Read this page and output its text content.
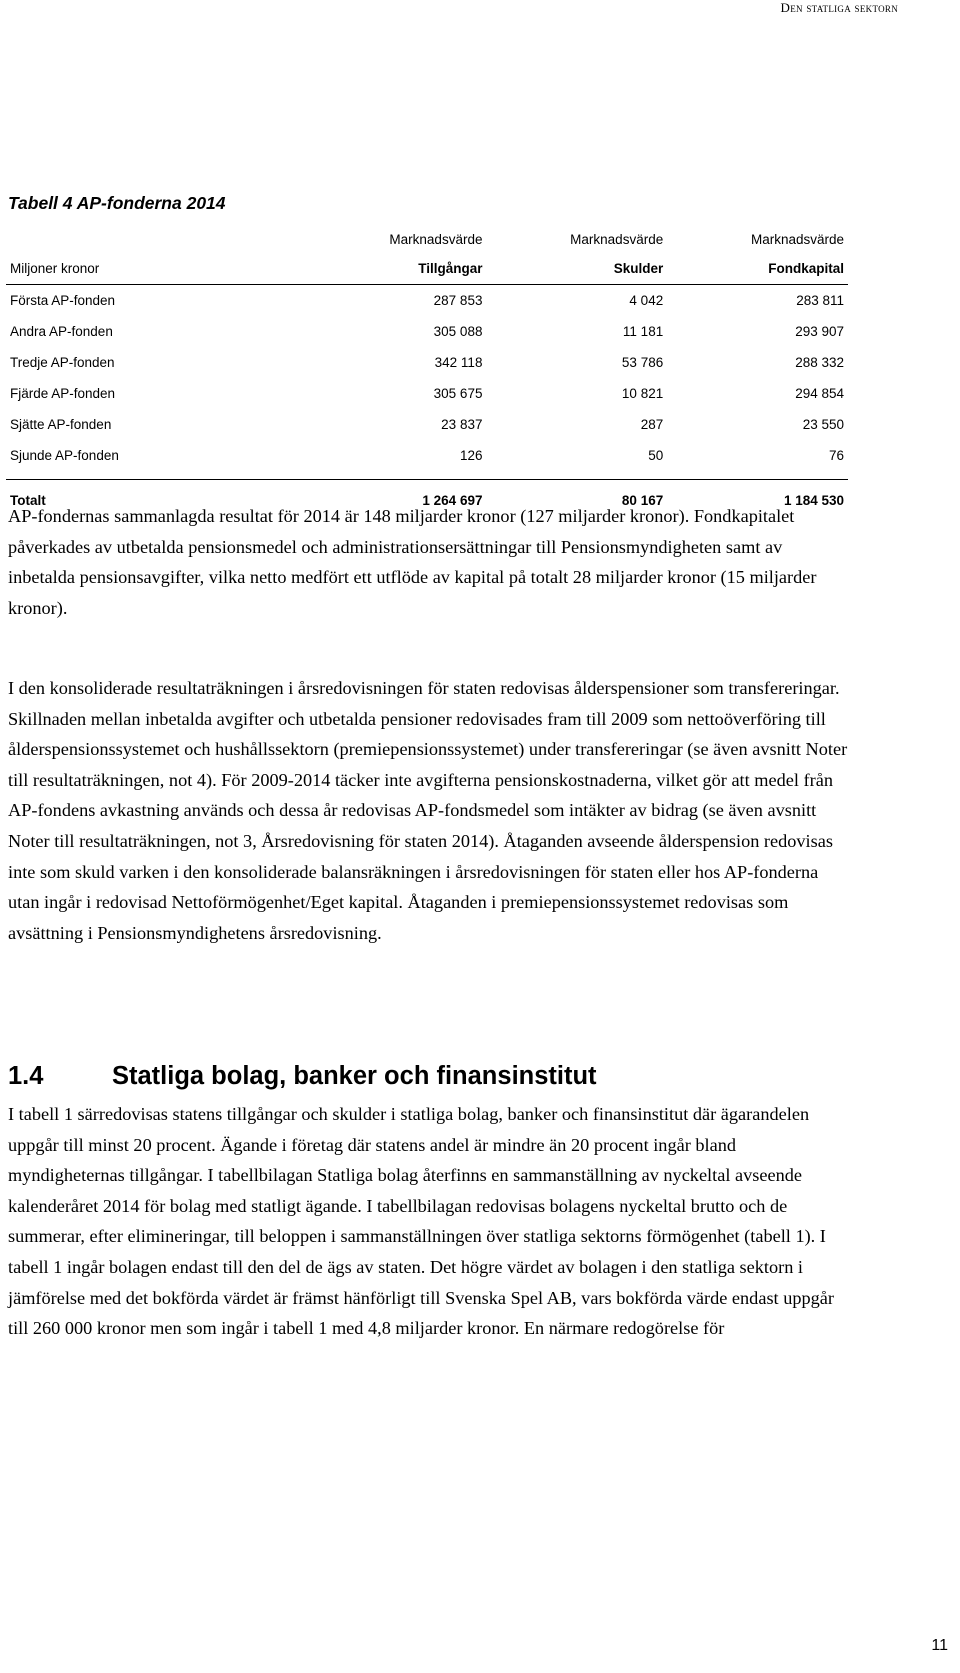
Den statliga sektorn
Tabell 4 AP-fonderna 2014
	Marknadsvärde	Marknadsvärde	Marknadsvärde
Miljoner kronor	Tillgångar	Skulder	Fondkapital
Första AP-fonden	287 853	4 042	283 811
Andra AP-fonden	305 088	11 181	293 907
Tredje AP-fonden	342 118	53 786	288 332
Fjärde AP-fonden	305 675	10 821	294 854
Sjätte AP-fonden	23 837	287	23 550
Sjunde AP-fonden	126	50	76

Totalt	1 264 697	80 167	1 184 530

AP-fondernas sammanlagda resultat för 2014 är 148 miljarder kronor (127 miljarder kronor). Fondkapitalet påverkades av utbetalda pensionsmedel och administrationsersättningar till Pensionsmyndigheten samt av inbetalda pensionsavgifter, vilka netto medfört ett utflöde av kapital på totalt 28 miljarder kronor (15 miljarder kronor).

I den konsoliderade resultaträkningen i årsredovisningen för staten redovisas ålderspensioner som transfereringar. Skillnaden mellan inbetalda avgifter och utbetalda pensioner redovisades fram till 2009 som nettoöverföring till ålderspensionssystemet och hushållssektorn (premiepensionssystemet) under transfereringar (se även avsnitt Noter till resultaträkningen, not 4). För 2009-2014 täcker inte avgifterna pensionskostnaderna, vilket gör att medel från AP-fondens avkastning används och dessa år redovisas AP-fondsmedel som intäkter av bidrag (se även avsnitt Noter till resultaträkningen, not 3, Årsredovisning för staten 2014). Åtaganden avseende ålderspension redovisas inte som skuld varken i den konsoliderade balansräkningen i årsredovisningen för staten eller hos AP-fonderna utan ingår i redovisad Nettoförmögenhet/Eget kapital. Åtaganden i premiepensionssystemet redovisas som avsättning i Pensionsmyndighetens årsredovisning.

1.4	Statliga bolag, banker och finansinstitut

I tabell 1 särredovisas statens tillgångar och skulder i statliga bolag, banker och finansinstitut där ägarandelen uppgår till minst 20 procent. Ägande i företag där statens andel är mindre än 20 procent ingår bland myndigheternas tillgångar. I tabellbilagan Statliga bolag återfinns en sammanställning av nyckeltal avseende kalenderåret 2014 för bolag med statligt ägande. I tabellbilagan redovisas bolagens nyckeltal brutto och de summerar, efter elimineringar, till beloppen i sammanställningen över statliga sektorns förmögenhet (tabell 1). I tabell 1 ingår bolagen endast till den del de ägs av staten. Det högre värdet av bolagen i den statliga sektorn i jämförelse med det bokförda värdet är främst hänförligt till Svenska Spel AB, vars bokförda värde endast uppgår till 260 000 kronor men som ingår i tabell 1 med 4,8 miljarder kronor. En närmare redogörelse för

11
